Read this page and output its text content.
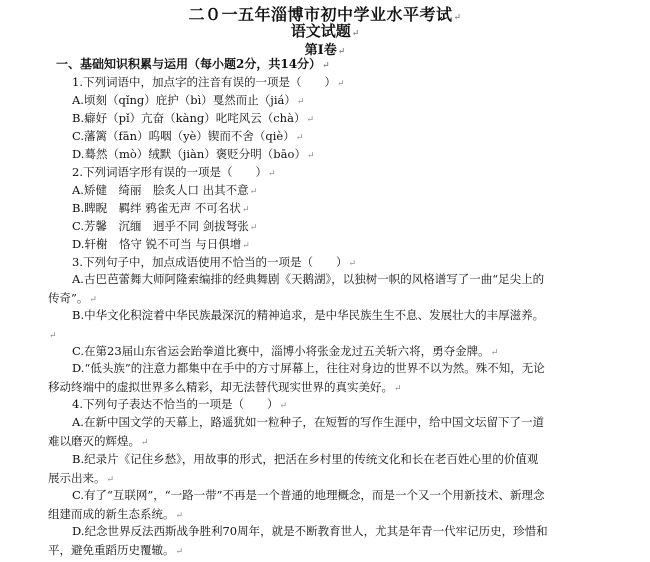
二０一五年淄博市初中学业水平考试↵
语文试题↵
第Ⅰ卷↵
一、基础知识积累与运用（每小题2分，共14分）↵
1.下列词语中，加点字的注音有误的一项是（　　）↵
A.顷刻（qǐng）庇护（bì）戛然而止（jiá）↵
B.癖好（pǐ）亢奋（kàng）叱咤风云（chà）↵
C.藩篱（fān）呜咽（yè）锲而不舍（qiè）↵
D.蓦然（mò）绒默（jiàn）褒贬分明（bāo）↵
2.下列词语字形有误的一项是（　　）↵
A.矫健　绮丽　脍炙人口 出其不意↵
B.睥睨　羁绊 鸦雀无声 不可名状↵
C.芳馨　沉缅　迥乎不同 剑拔弩张↵
D.轩榭　恪守 锐不可当 与日俱增↵
3.下列句子中，加点成语使用不恰当的一项是（　　）↵
A.古巴芭蕾舞大师阿隆索编排的经典舞剧《天鹅湖》，以独树一帜的风格谱写了一曲“足尖上的传奇”。↵
B.中华文化积淀着中华民族最深沉的精神追求，是中华民族生生不息、发展壮大的丰厚滋养。↵
C.在第23届山东省运会跆拳道比赛中，淄博小将张金龙过五关斩六将，勇夺金牌。↵
D.“低头族”的注意力都集中在手中的方寸屏幕上，往往对身边的世界不以为然。殊不知，无论移动终端中的虚拟世界多么精彩，却无法替代现实世界的真实美好。↵
4.下列句子表达不恰当的一项是（　　）↵
A.在新中国文学的天幕上，路遥犹如一粒种子，在短暂的写作生涯中，给中国文坛留下了一道难以磨灭的辉煌。↵
B.纪录片《记住乡愁》，用故事的形式，把活在乡村里的传统文化和长在老百姓心里的价值观展示出来。↵
C.有了“互联网”，“一路一带”不再是一个普通的地理概念，而是一个又一个用新技术、新理念组建而成的新生态系统。↵
D.纪念世界反法西斯战争胜利70周年，就是不断教育世人，尤其是年青一代牢记历史，珍惜和平，避免重蹈历史覆辙。↵
